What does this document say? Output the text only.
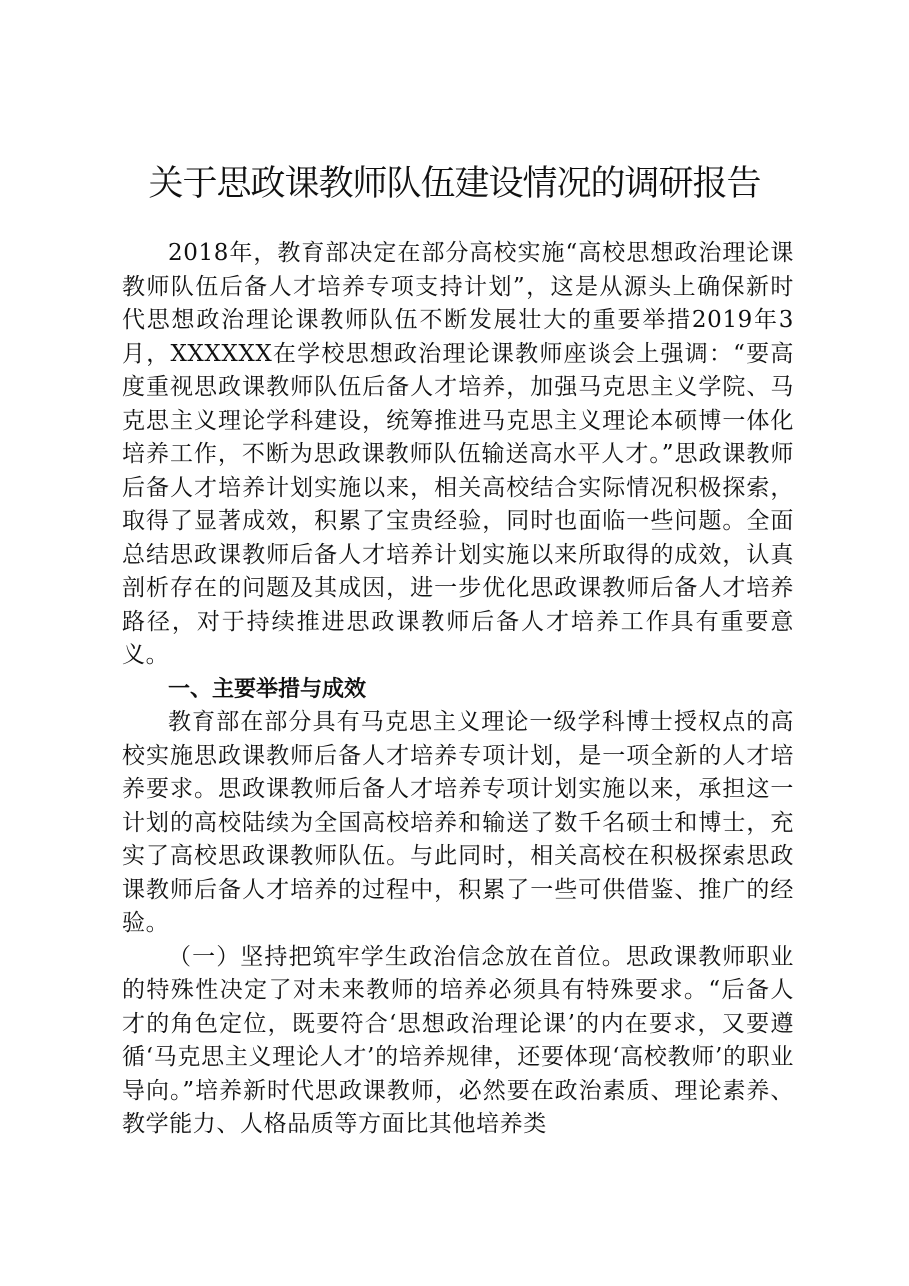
关于思政课教师队伍建设情况的调研报告

2018年，教育部决定在部分高校实施“高校思想政治理论课教师队伍后备人才培养专项支持计划”，这是从源头上确保新时代思想政治理论课教师队伍不断发展壮大的重要举措2019年3月，XXXXXX在学校思想政治理论课教师座谈会上强调：“要高度重视思政课教师队伍后备人才培养，加强马克思主义学院、马克思主义理论学科建设，统筹推进马克思主义理论本硕博一体化培养工作，不断为思政课教师队伍输送高水平人才。”思政课教师后备人才培养计划实施以来，相关高校结合实际情况积极探索，取得了显著成效，积累了宝贵经验，同时也面临一些问题。全面总结思政课教师后备人才培养计划实施以来所取得的成效，认真剖析存在的问题及其成因，进一步优化思政课教师后备人才培养路径，对于持续推进思政课教师后备人才培养工作具有重要意义。

一、主要举措与成效

教育部在部分具有马克思主义理论一级学科博士授权点的高校实施思政课教师后备人才培养专项计划，是一项全新的人才培养要求。思政课教师后备人才培养专项计划实施以来，承担这一计划的高校陆续为全国高校培养和输送了数千名硕士和博士，充实了高校思政课教师队伍。与此同时，相关高校在积极探索思政课教师后备人才培养的过程中，积累了一些可供借鉴、推广的经验。

（一）坚持把筑牢学生政治信念放在首位。思政课教师职业的特殊性决定了对未来教师的培养必须具有特殊要求。“后备人才的角色定位，既要符合‘思想政治理论课’的内在要求，又要遵循‘马克思主义理论人才’的培养规律，还要体现‘高校教师’的职业导向。”培养新时代思政课教师，必然要在政治素质、理论素养、教学能力、人格品质等方面比其他培养类
